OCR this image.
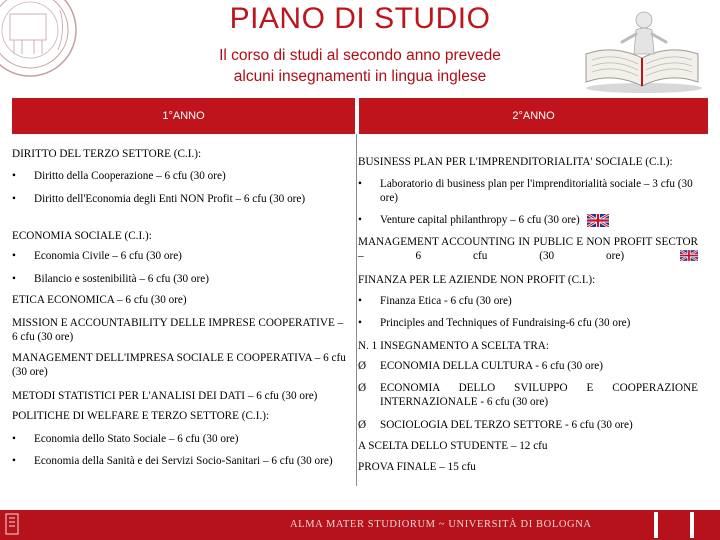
PIANO DI STUDIO
Il corso di studi al secondo anno prevede
alcuni insegnamenti in lingua inglese
1°ANNO	2°ANNO

DIRITTO DEL TERZO SETTORE (C.I.):

•	Diritto della Cooperazione – 6 cfu (30 ore)
•	Diritto dell'Economia degli Enti NON Profit – 6 cfu (30 ore)

ECONOMIA SOCIALE (C.I.):

•	Economia Civile – 6 cfu (30 ore)
•	Bilancio e sostenibilità – 6 cfu (30 ore)

ETICA ECONOMICA – 6 cfu (30 ore)

MISSION E ACCOUNTABILITY DELLE IMPRESE COOPERATIVE – 6 cfu (30 ore)

MANAGEMENT DELL'IMPRESA SOCIALE E COOPERATIVA – 6 cfu (30 ore)

METODI STATISTICI PER L'ANALISI DEI DATI – 6 cfu (30 ore)

POLITICHE DI WELFARE E TERZO SETTORE (C.I.):

•	Economia dello Stato Sociale – 6 cfu (30 ore)
•	Economia della Sanità e dei Servizi Socio-Sanitari – 6 cfu (30 ore)

BUSINESS PLAN PER L'IMPRENDITORIALITA' SOCIALE (C.I.):

•	Laboratorio di business plan per l'imprenditorialità sociale – 3 cfu (30 ore)
•	Venture capital philanthropy – 6 cfu (30 ore)

MANAGEMENT ACCOUNTING IN PUBLIC E NON PROFIT SECTOR – 6 cfu (30 ore)

FINANZA PER LE AZIENDE NON PROFIT (C.I.):

•	Finanza Etica - 6 cfu (30 ore)
•	Principles and Techniques of Fundraising-6 cfu (30 ore)

N. 1 INSEGNAMENTO A SCELTA TRA:

Ø	ECONOMIA DELLA CULTURA - 6 cfu (30 ore)
Ø	ECONOMIA DELLO SVILUPPO E COOPERAZIONE INTERNAZIONALE - 6 cfu (30 ore)
Ø	SOCIOLOGIA DEL TERZO SETTORE - 6 cfu (30 ore)

A SCELTA DELLO STUDENTE – 12 cfu

PROVA FINALE – 15 cfu

ALMA MATER STUDIORUM ~ UNIVERSITÀ DI BOLOGNA
